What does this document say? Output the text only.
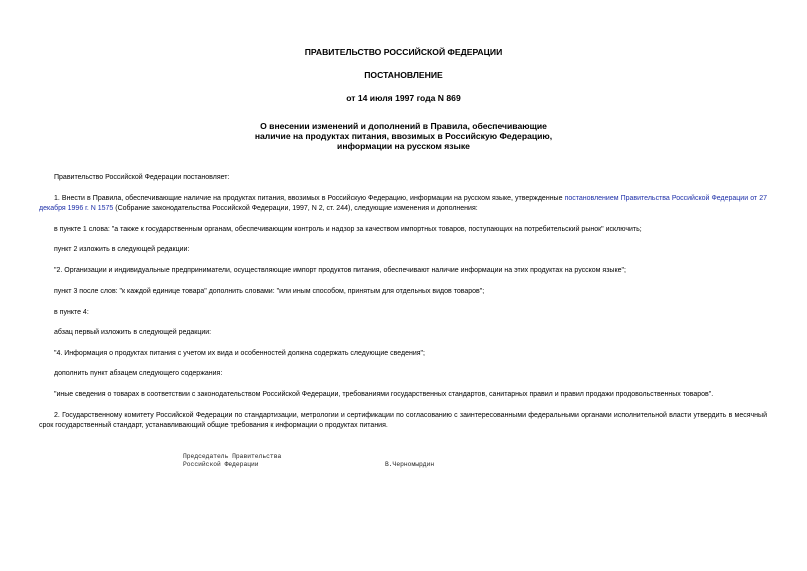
ПРАВИТЕЛЬСТВО РОССИЙСКОЙ ФЕДЕРАЦИИ
ПОСТАНОВЛЕНИЕ
от 14 июля 1997 года N 869
О внесении изменений и дополнений в Правила, обеспечивающие
наличие на продуктах питания, ввозимых в Российскую Федерацию,
информации на русском языке
Правительство Российской Федерации постановляет:
1. Внести в Правила, обеспечивающие наличие на продуктах питания, ввозимых в Российскую Федерацию, информации на русском языке, утвержденные постановлением Правительства Российской Федерации от 27 декабря 1996 г. N 1575 (Собрание законодательства Российской Федерации, 1997, N 2, ст. 244), следующие изменения и дополнения:
в пункте 1 слова: "а также к государственным органам, обеспечивающим контроль и надзор за качеством импортных товаров, поступающих на потребительский рынок" исключить;
пункт 2 изложить в следующей редакции:
"2. Организации и индивидуальные предприниматели, осуществляющие импорт продуктов питания, обеспечивают наличие информации на этих продуктах на русском языке";
пункт 3 после слов: "к каждой единице товара" дополнить словами: "или иным способом, принятым для отдельных видов товаров";
в пункте 4:
абзац первый изложить в следующей редакции:
"4. Информация о продуктах питания с учетом их вида и особенностей должна содержать следующие сведения";
дополнить пункт абзацем следующего содержания:
"иные сведения о товарах в соответствии с законодательством Российской Федерации, требованиями государственных стандартов, санитарных правил и правил продажи продовольственных товаров".
2. Государственному комитету Российской Федерации по стандартизации, метрологии и сертификации по согласованию с заинтересованными федеральными органами исполнительной власти утвердить в месячный срок государственный стандарт, устанавливающий общие требования к информации о продуктах питания.
Председатель Правительства
Российской Федерации	В.Черномырдин
